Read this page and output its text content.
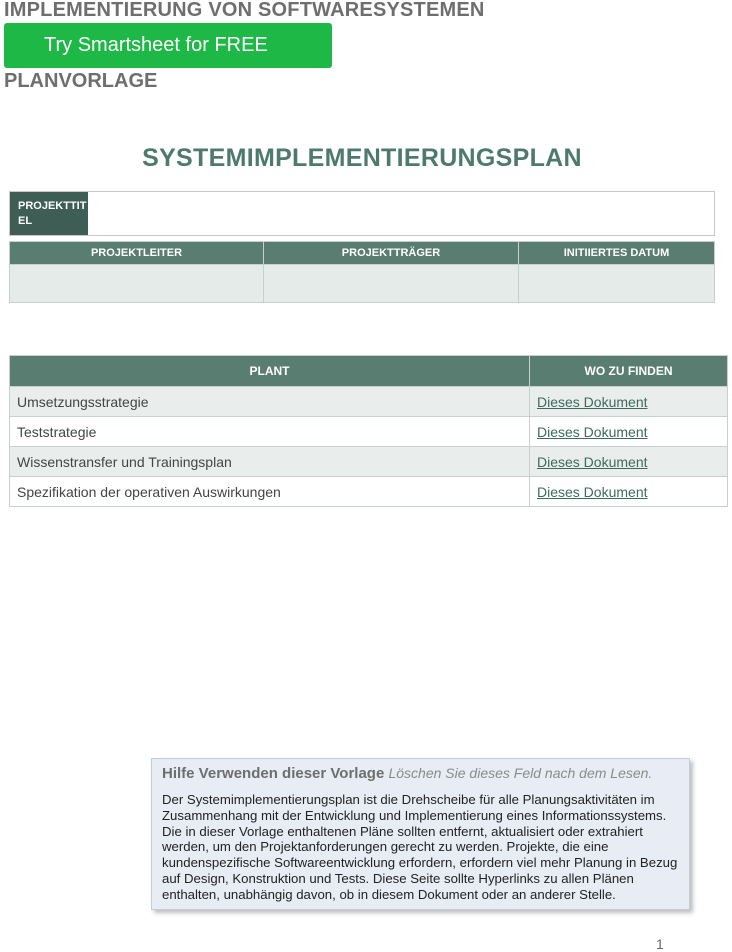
IMPLEMENTIERUNG VON SOFTWARESYSTEMEN
Try Smartsheet for FREE
PLANVORLAGE
SYSTEMIMPLEMENTIERUNGSPLAN
PROJEKTTIT EL
PROJEKTLEITER	PROJEKTTRÄGER	INITIIERTES DATUM

PLANT	WO ZU FINDEN
Umsetzungsstrategie	Dieses Dokument
Teststrategie	Dieses Dokument
Wissenstransfer und Trainingsplan	Dieses Dokument
Spezifikation der operativen Auswirkungen	Dieses Dokument
Hilfe Verwenden dieser Vorlage Löschen Sie dieses Feld nach dem Lesen.
Der Systemimplementierungsplan ist die Drehscheibe für alle Planungsaktivitäten im Zusammenhang mit der Entwicklung und Implementierung eines Informationssystems. Die in dieser Vorlage enthaltenen Pläne sollten entfernt, aktualisiert oder extrahiert werden, um den Projektanforderungen gerecht zu werden. Projekte, die eine kundenspezifische Softwareentwicklung erfordern, erfordern viel mehr Planung in Bezug auf Design, Konstruktion und Tests. Diese Seite sollte Hyperlinks zu allen Plänen enthalten, unabhängig davon, ob in diesem Dokument oder an anderer Stelle.
1
